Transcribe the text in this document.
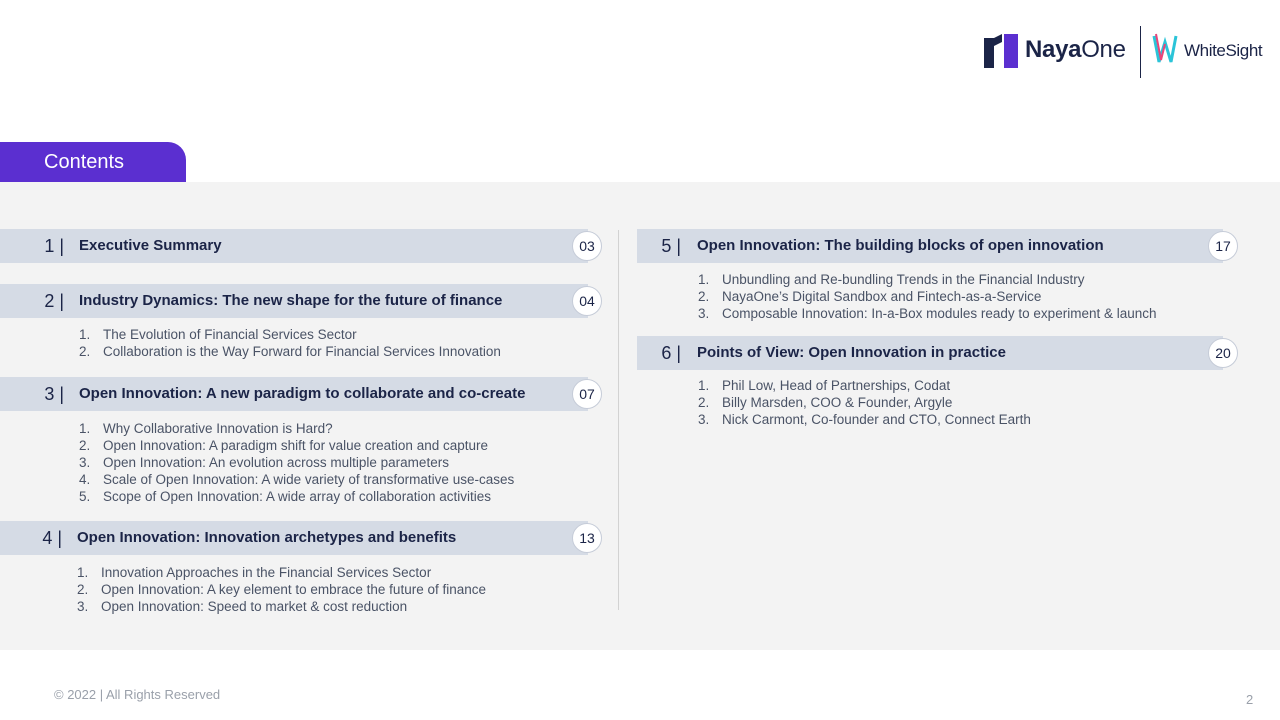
NayaOne	WhiteSight
Contents
1 | Executive Summary	03
2 | Industry Dynamics: The new shape for the future of finance	04
1. The Evolution of Financial Services Sector
2. Collaboration is the Way Forward for Financial Services Innovation
3 | Open Innovation: A new paradigm to collaborate and co-create	07
1. Why Collaborative Innovation is Hard?
2. Open Innovation: A paradigm shift for value creation and capture
3. Open Innovation: An evolution across multiple parameters
4. Scale of Open Innovation: A wide variety of transformative use-cases
5. Scope of Open Innovation: A wide array of collaboration activities
4 | Open Innovation: Innovation archetypes and benefits	13
1. Innovation Approaches in the Financial Services Sector
2. Open Innovation: A key element to embrace the future of finance
3. Open Innovation: Speed to market & cost reduction
5 | Open Innovation: The building blocks of open innovation	17
1. Unbundling and Re-bundling Trends in the Financial Industry
2. NayaOne’s Digital Sandbox and Fintech-as-a-Service
3. Composable Innovation: In-a-Box modules ready to experiment & launch
6 | Points of View: Open Innovation in practice	20
1. Phil Low, Head of Partnerships, Codat
2. Billy Marsden, COO & Founder, Argyle
3. Nick Carmont, Co-founder and CTO, Connect Earth
© 2022 | All Rights Reserved	2
